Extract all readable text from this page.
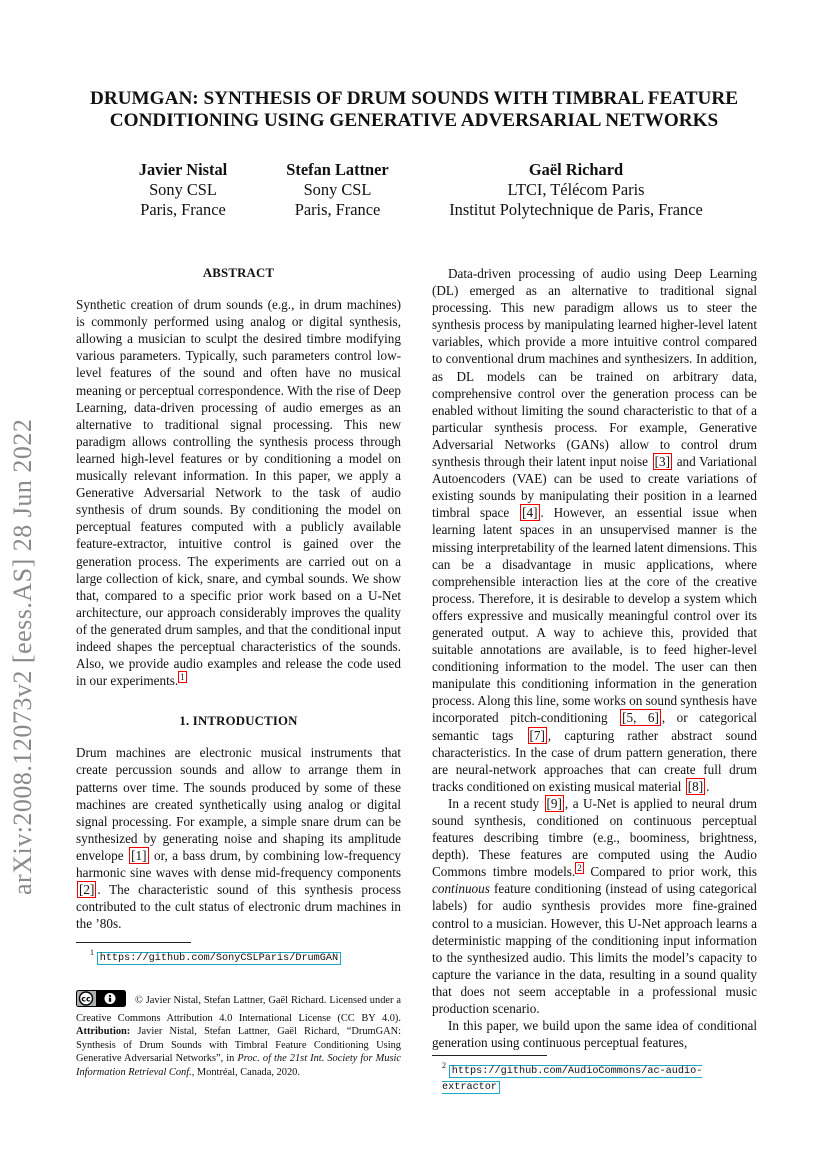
arXiv:2008.12073v2 [eess.AS] 28 Jun 2022
DRUMGAN: SYNTHESIS OF DRUM SOUNDS WITH TIMBRAL FEATURE
CONDITIONING USING GENERATIVE ADVERSARIAL NETWORKS
Javier Nistal
Sony CSL
Paris, France
Stefan Lattner
Sony CSL
Paris, France
Gaël Richard
LTCI, Télécom Paris
Institut Polytechnique de Paris, France
ABSTRACT

Synthetic creation of drum sounds (e.g., in drum machines) is commonly performed using analog or digital synthesis, allowing a musician to sculpt the desired timbre modifying various parameters. Typically, such parameters control low-level features of the sound and often have no musical meaning or perceptual correspondence. With the rise of Deep Learning, data-driven processing of audio emerges as an alternative to traditional signal processing. This new paradigm allows controlling the synthesis process through learned high-level features or by conditioning a model on musically relevant information. In this paper, we apply a Generative Adversarial Network to the task of audio synthesis of drum sounds. By conditioning the model on perceptual features computed with a publicly available feature-extractor, intuitive control is gained over the generation process. The experiments are carried out on a large collection of kick, snare, and cymbal sounds. We show that, compared to a specific prior work based on a U-Net architecture, our approach considerably improves the quality of the generated drum samples, and that the conditional input indeed shapes the perceptual characteristics of the sounds. Also, we provide audio examples and release the code used in our experiments. $^1$

1. INTRODUCTION

Drum machines are electronic musical instruments that create percussion sounds and allow to arrange them in patterns over time. The sounds produced by some of these machines are created synthetically using analog or digital signal processing. For example, a simple snare drum can be synthesized by generating noise and shaping its amplitude envelope [1] or, a bass drum, by combining low-frequency harmonic sine waves with dense mid-frequency components [2] . The characteristic sound of this synthesis process contributed to the cult status of electronic drum machines in the ’80s.

$^1$ https://github.com/SonyCSLParis/DrumGAN
cc	© Javier Nistal, Stefan Lattner, Gaël Richard. Licensed under a Creative Commons Attribution 4.0 International License (CC BY 4.0). Attribution: Javier Nistal, Stefan Lattner, Gaël Richard, “DrumGAN: Synthesis of Drum Sounds with Timbral Feature Conditioning Using Generative Adversarial Networks”, in Proc. of the 21st Int. Society for Music Information Retrieval Conf., Montréal, Canada, 2020.

Data-driven processing of audio using Deep Learning (DL) emerged as an alternative to traditional signal processing. This new paradigm allows us to steer the synthesis process by manipulating learned higher-level latent variables, which provide a more intuitive control compared to conventional drum machines and synthesizers. In addition, as DL models can be trained on arbitrary data, comprehensive control over the generation process can be enabled without limiting the sound characteristic to that of a particular synthesis process. For example, Generative Adversarial Networks (GANs) allow to control drum synthesis through their latent input noise [3] and Variational Autoencoders (VAE) can be used to create variations of existing sounds by manipulating their position in a learned timbral space [4] . However, an essential issue when learning latent spaces in an unsupervised manner is the missing interpretability of the learned latent dimensions. This can be a disadvantage in music applications, where comprehensible interaction lies at the core of the creative process. Therefore, it is desirable to develop a system which offers expressive and musically meaningful control over its generated output. A way to achieve this, provided that suitable annotations are available, is to feed higher-level conditioning information to the model. The user can then manipulate this conditioning information in the generation process. Along this line, some works on sound synthesis have incorporated pitch-conditioning [5, 6] , or categorical semantic tags [7] , capturing rather abstract sound characteristics. In the case of drum pattern generation, there are neural-network approaches that can create full drum tracks conditioned on existing musical material [8] .

In a recent study [9] , a U-Net is applied to neural drum sound synthesis, conditioned on continuous perceptual features describing timbre (e.g., boominess, brightness, depth). These features are computed using the Audio Commons timbre models. $^2$ Compared to prior work, this continuous feature conditioning (instead of using categorical labels) for audio synthesis provides more fine-grained control to a musician. However, this U-Net approach learns a deterministic mapping of the conditioning input information to the synthesized audio. This limits the model’s capacity to capture the variance in the data, resulting in a sound quality that does not seem acceptable in a professional music production scenario.

In this paper, we build upon the same idea of conditional generation using continuous perceptual features,

$^2$ https://github.com/AudioCommons/ac-audio-extractor
